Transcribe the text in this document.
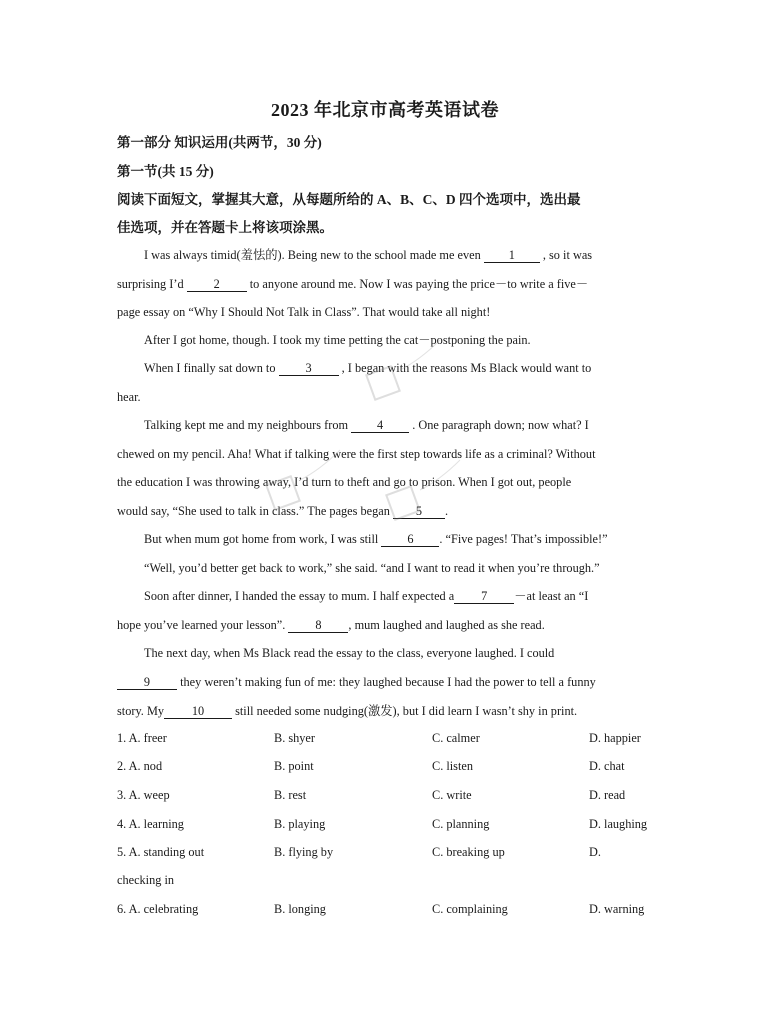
2023 年北京市高考英语试卷
第一部分 知识运用(共两节，30 分)
第一节(共 15 分)
阅读下面短文，掌握其大意，从每题所给的 A、B、C、D 四个选项中，选出最
佳选项，并在答题卡上将该项涂黑。
I was always timid(羞怯的). Being new to the school made me even 1 , so it was
surprising I’d 2 to anyone around me. Now I was paying the price－to write a five－
page essay on “Why I Should Not Talk in Class”. That would take all night!
After I got home, though. I took my time petting the cat－postponing the pain.
When I finally sat down to 3 , I began with the reasons Ms Black would want to
hear.
Talking kept me and my neighbours from 4 . One paragraph down; now what? I
chewed on my pencil. Aha! What if talking were the first step towards life as a criminal? Without
the education I was throwing away, I’d turn to theft and go to prison. When I got out, people
would say, “She used to talk in class.” The pages began 5 .
But when mum got home from work, I was still 6 . “Five pages! That’s impossible!”
“Well, you’d better get back to work,” she said. “and I want to read it when you’re through.”
Soon after dinner, I handed the essay to mum. I half expected a 7 －at least an “I
hope you’ve learned your lesson”. 8 , mum laughed and laughed as she read.
The next day, when Ms Black read the essay to the class, everyone laughed. I could
9 they weren’t making fun of me: they laughed because I had the power to tell a funny
story. My 10	still needed some nudging(激发), but I did learn I wasn’t shy in print.
1. A. freer	B. shyer	C. calmer	D. happier
2. A. nod	B. point	C. listen	D. chat
3. A. weep	B. rest	C. write	D. read
4. A. learning	B. playing	C. planning	D. laughing
5. A. standing out	B. flying by	C. breaking up	D.
checking in
6. A. celebrating	B. longing	C. complaining	D. warning
